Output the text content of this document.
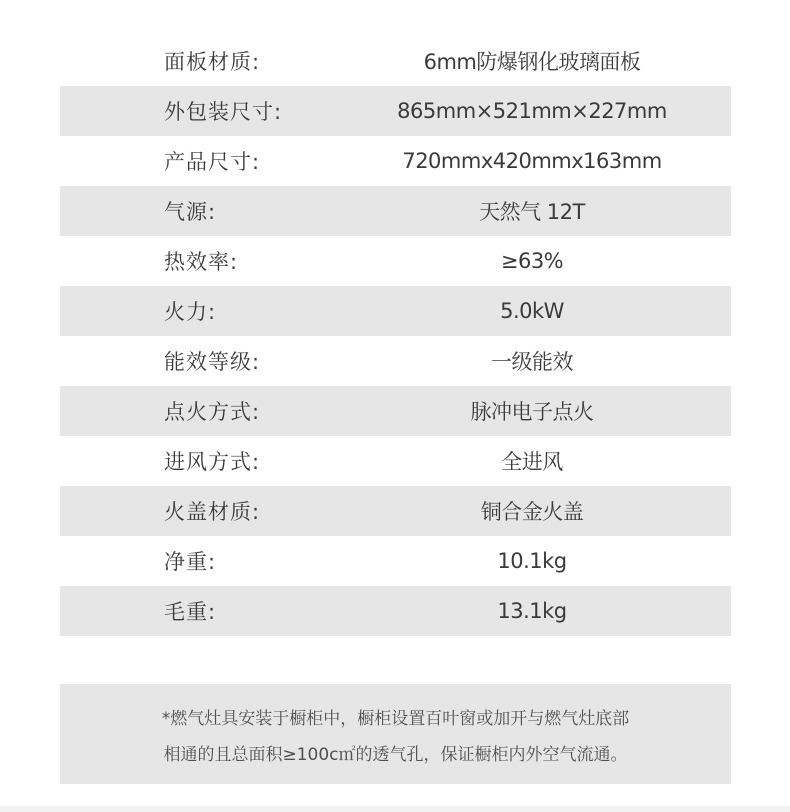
面板材质:	6mm防爆钢化玻璃面板
外包装尺寸:	865mm×521mm×227mm
产品尺寸:	720mmx420mmx163mm
气源:	天然气 12T
热效率:	≥63%
火力:	5.0kW
能效等级:	一级能效
点火方式:	脉冲电子点火
进风方式:	全进风
火盖材质:	铜合金火盖
净重:	10.1kg
毛重:	13.1kg
*燃气灶具安装于橱柜中，橱柜设置百叶窗或加开与燃气灶底部
相通的且总面积≥100c㎡的透气孔，保证橱柜内外空气流通。
